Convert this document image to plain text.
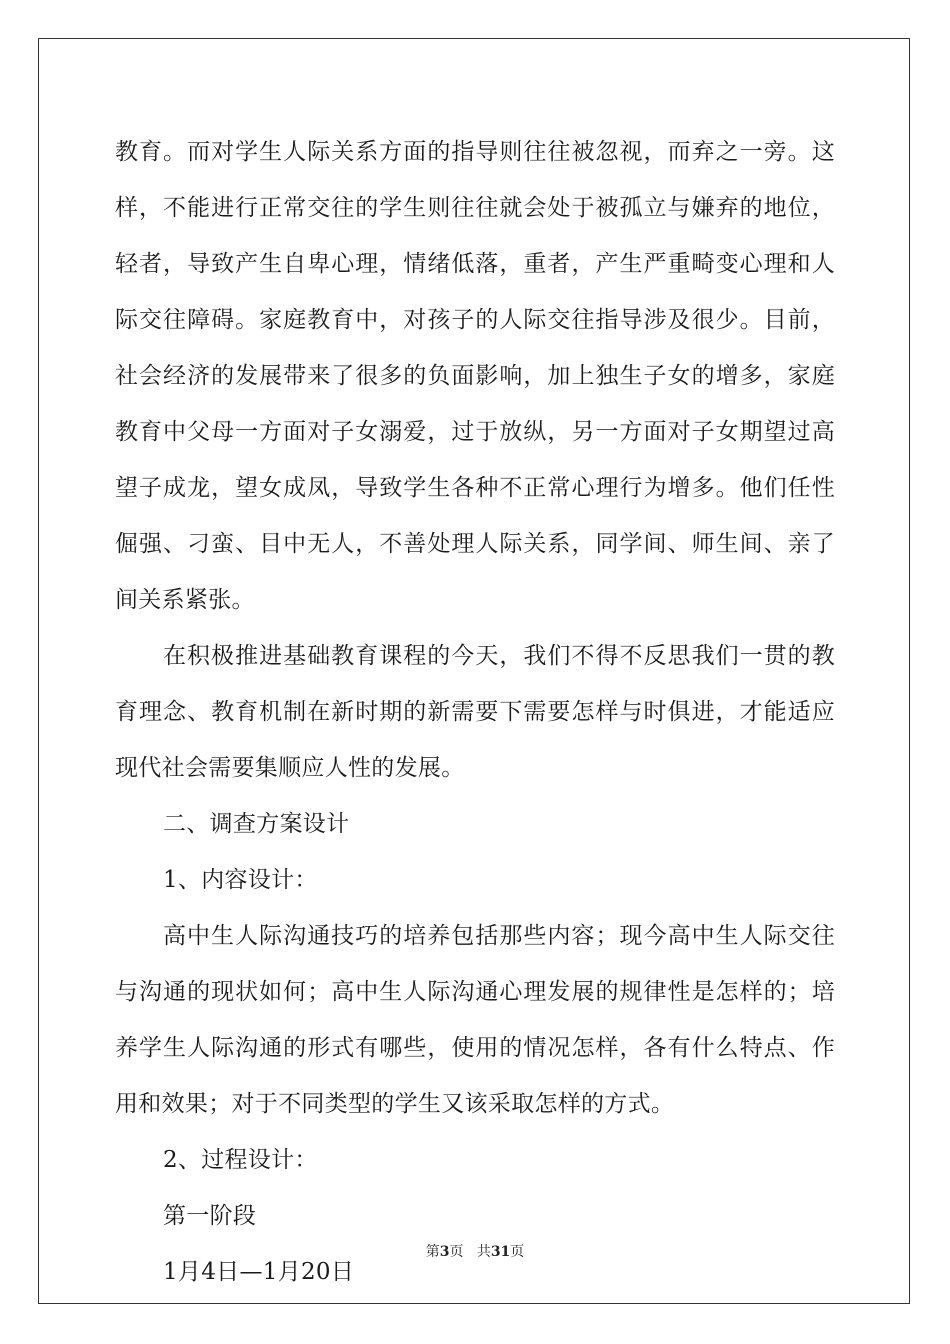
教育。而对学生人际关系方面的指导则往往被忽视，而弃之一旁。这样，不能进行正常交往的学生则往往就会处于被孤立与嫌弃的地位，轻者，导致产生自卑心理，情绪低落，重者，产生严重畸变心理和人际交往障碍。家庭教育中，对孩子的人际交往指导涉及很少。目前，社会经济的发展带来了很多的负面影响，加上独生子女的增多，家庭教育中父母一方面对子女溺爱，过于放纵，另一方面对子女期望过高望子成龙，望女成凤，导致学生各种不正常心理行为增多。他们任性倔强、刁蛮、目中无人，不善处理人际关系，同学间、师生间、亲了间关系紧张。

在积极推进基础教育课程的今天，我们不得不反思我们一贯的教育理念、教育机制在新时期的新需要下需要怎样与时俱进，才能适应现代社会需要集顺应人性的发展。

二、调查方案设计

1、内容设计：

高中生人际沟通技巧的培养包括那些内容；现今高中生人际交往与沟通的现状如何；高中生人际沟通心理发展的规律性是怎样的；培养学生人际沟通的形式有哪些，使用的情况怎样，各有什么特点、作用和效果；对于不同类型的学生又该采取怎样的方式。

2、过程设计：

第一阶段

1月4日—1月20日

第3页 共31页
